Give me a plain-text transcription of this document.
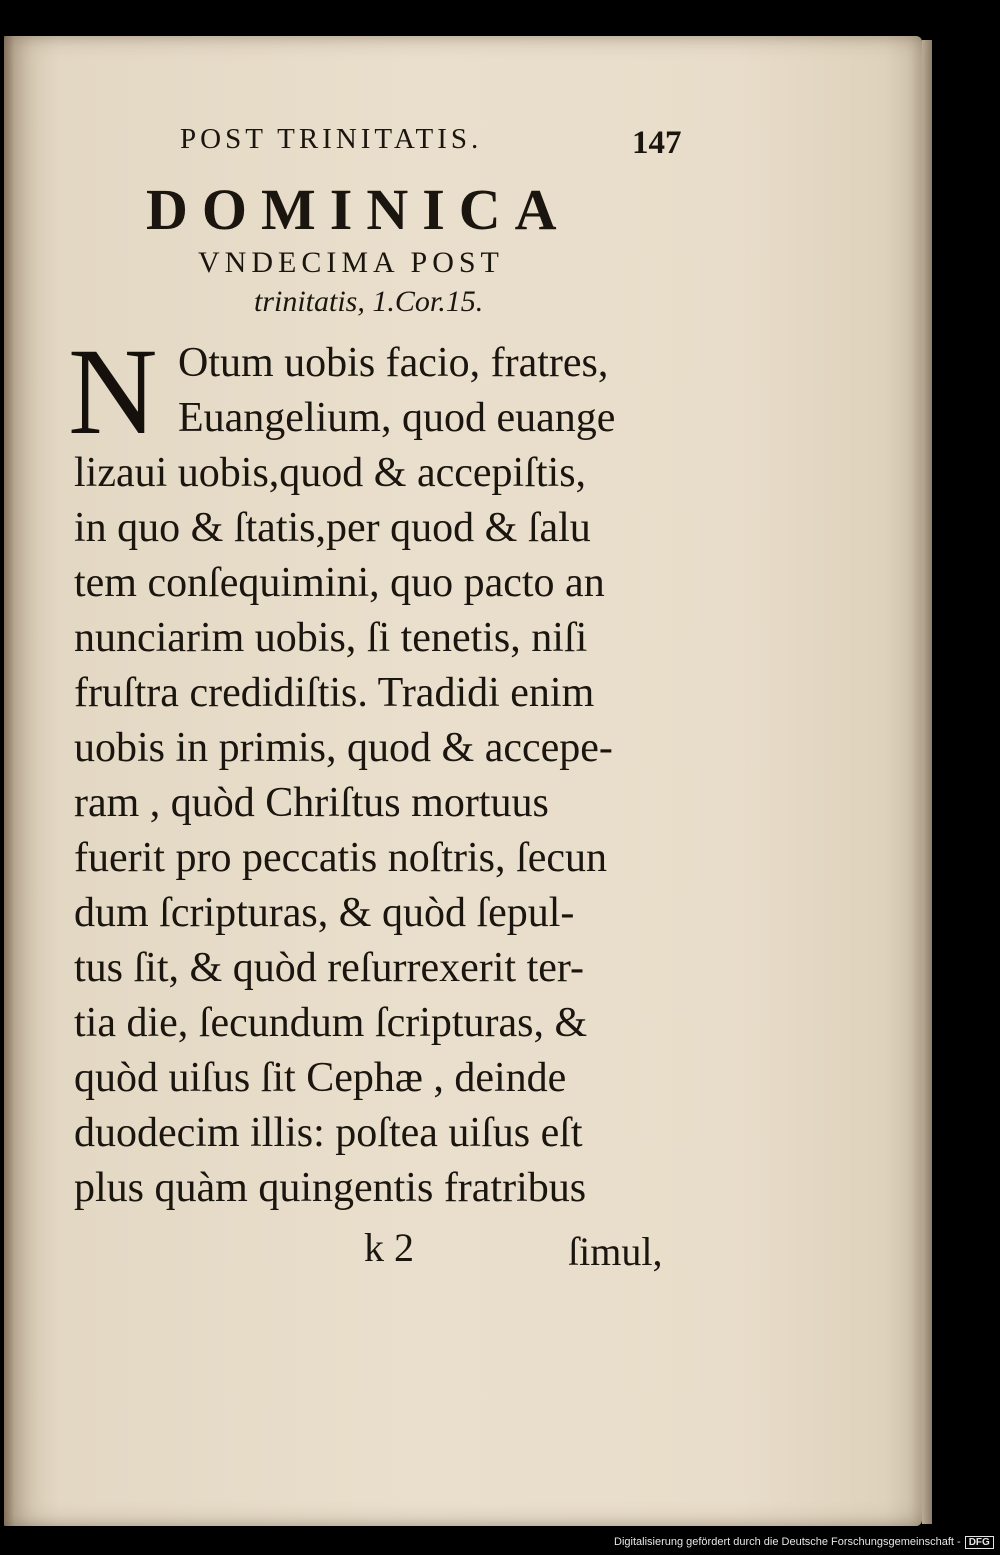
POST TRINITATIS.	147
DOMINICA
VNDECIMA POST
trinitatis, 1.Cor.15.
N Otum uobis facio, fratres,
Euangelium, quod euange
lizaui uobis,quod & accepiſtis,
in quo & ſtatis,per quod & ſalu
tem conſequimini, quo pacto an
nunciarim uobis, ſi tenetis, niſi
fruſtra credidiſtis. Tradidi enim
uobis in primis, quod & accepe-
ram , quòd Chriſtus mortuus
fuerit pro peccatis noſtris, ſecun
dum ſcripturas, & quòd ſepul-
tus ſit, & quòd reſurrexerit ter-
tia die, ſecundum ſcripturas, &
quòd uiſus ſit Cephæ , deinde
duodecim illis: poſtea uiſus eſt
plus quàm quingentis fratribus
k 2	ſimul,
Digitalisierung gefördert durch die Deutsche Forschungsgemeinschaft - DFG
